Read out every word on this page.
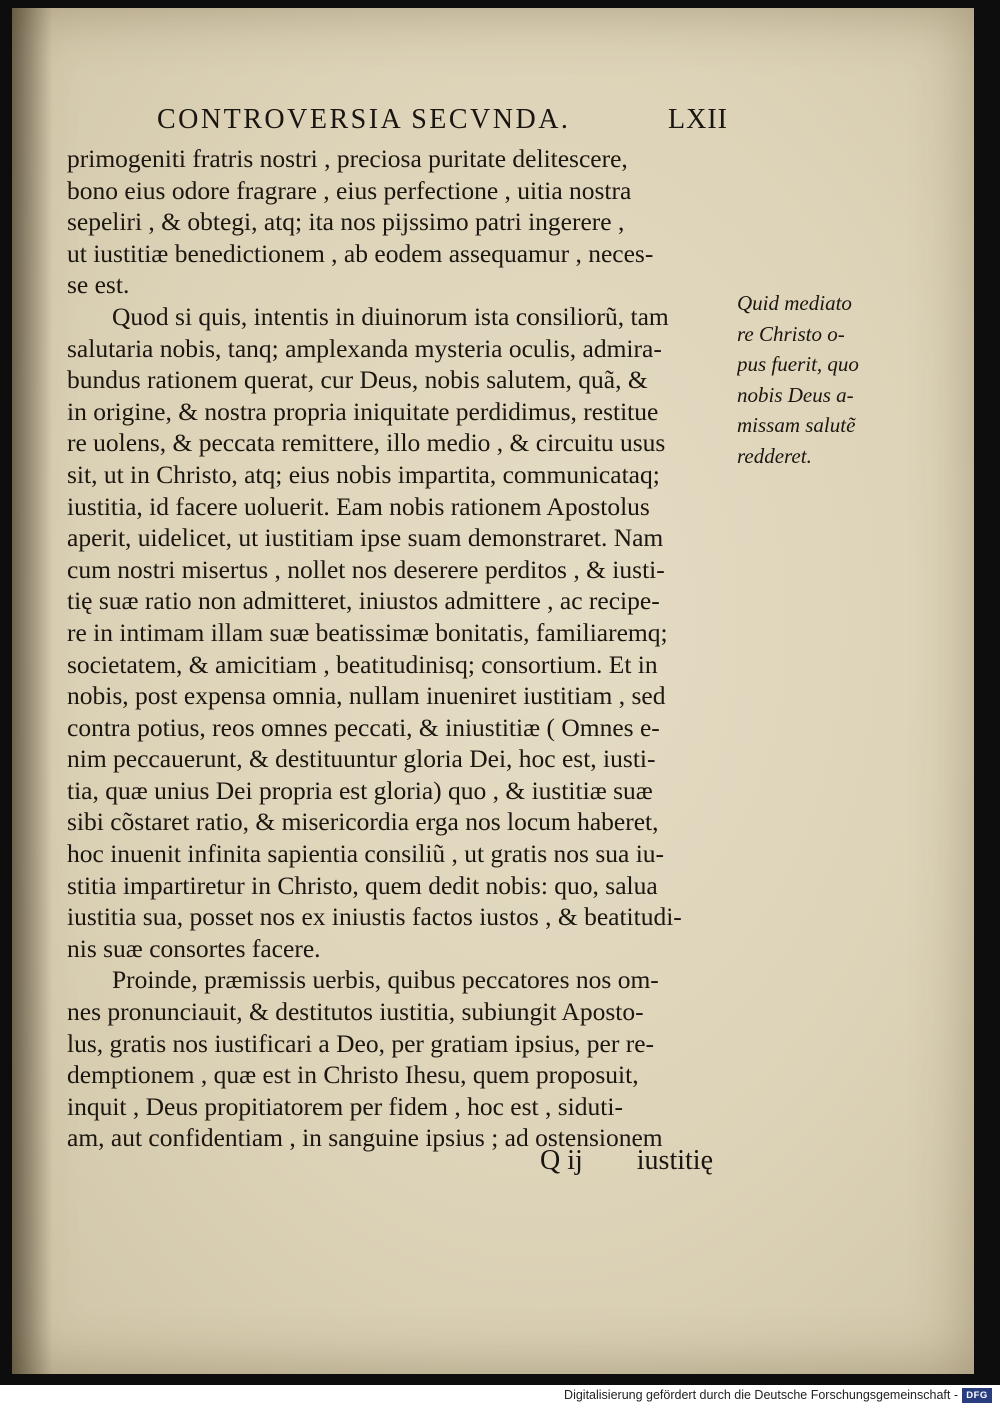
CONTROVERSIA SECVNDA.	LXII
primogeniti fratris nostri , preciosa puritate delitescere,
bono eius odore fragrare , eius perfectione , uitia nostra
sepeliri , & obtegi, atq; ita nos pijssimo patri ingerere ,
ut iustitiæ benedictionem , ab eodem assequamur , neces-
se est.
Quod si quis, intentis in diuinorum ista consiliorũ, tam
salutaria nobis, tanq; amplexanda mysteria oculis, admira-
bundus rationem querat, cur Deus, nobis salutem, quã, &
in origine, & nostra propria iniquitate perdidimus, restitue
re uolens, & peccata remittere, illo medio , & circuitu usus
sit, ut in Christo, atq; eius nobis impartita, communicataq;
iustitia, id facere uoluerit. Eam nobis rationem Apostolus
aperit, uidelicet, ut iustitiam ipse suam demonstraret. Nam
cum nostri misertus , nollet nos deserere perditos , & iusti-
tię suæ ratio non admitteret, iniustos admittere , ac recipe-
re in intimam illam suæ beatissimæ bonitatis, familiaremq;
societatem, & amicitiam , beatitudinisq; consortium. Et in
nobis, post expensa omnia, nullam inueniret iustitiam , sed
contra potius, reos omnes peccati, & iniustitiæ ( Omnes e-
nim peccauerunt, & destituuntur gloria Dei, hoc est, iusti-
tia, quæ unius Dei propria est gloria) quo , & iustitiæ suæ
sibi cõstaret ratio, & misericordia erga nos locum haberet,
hoc inuenit infinita sapientia consiliũ , ut gratis nos sua iu-
stitia impartiretur in Christo, quem dedit nobis: quo, salua
iustitia sua, posset nos ex iniustis factos iustos , & beatitudi-
nis suæ consortes facere.
Proinde, præmissis uerbis, quibus peccatores nos om-
nes pronunciauit, & destitutos iustitia, subiungit Aposto-
lus, gratis nos iustificari a Deo, per gratiam ipsius, per re-
demptionem , quæ est in Christo Ihesu, quem proposuit,
inquit , Deus propitiatorem per fidem , hoc est , siduti-
am, aut confidentiam , in sanguine ipsius ; ad ostensionem
Quid mediato
re Christo o-
pus fuerit, quo
nobis Deus a-
missam salutẽ
redderet.
Q ij iustitię
Digitalisierung gefördert durch die Deutsche Forschungsgemeinschaft - DFG
